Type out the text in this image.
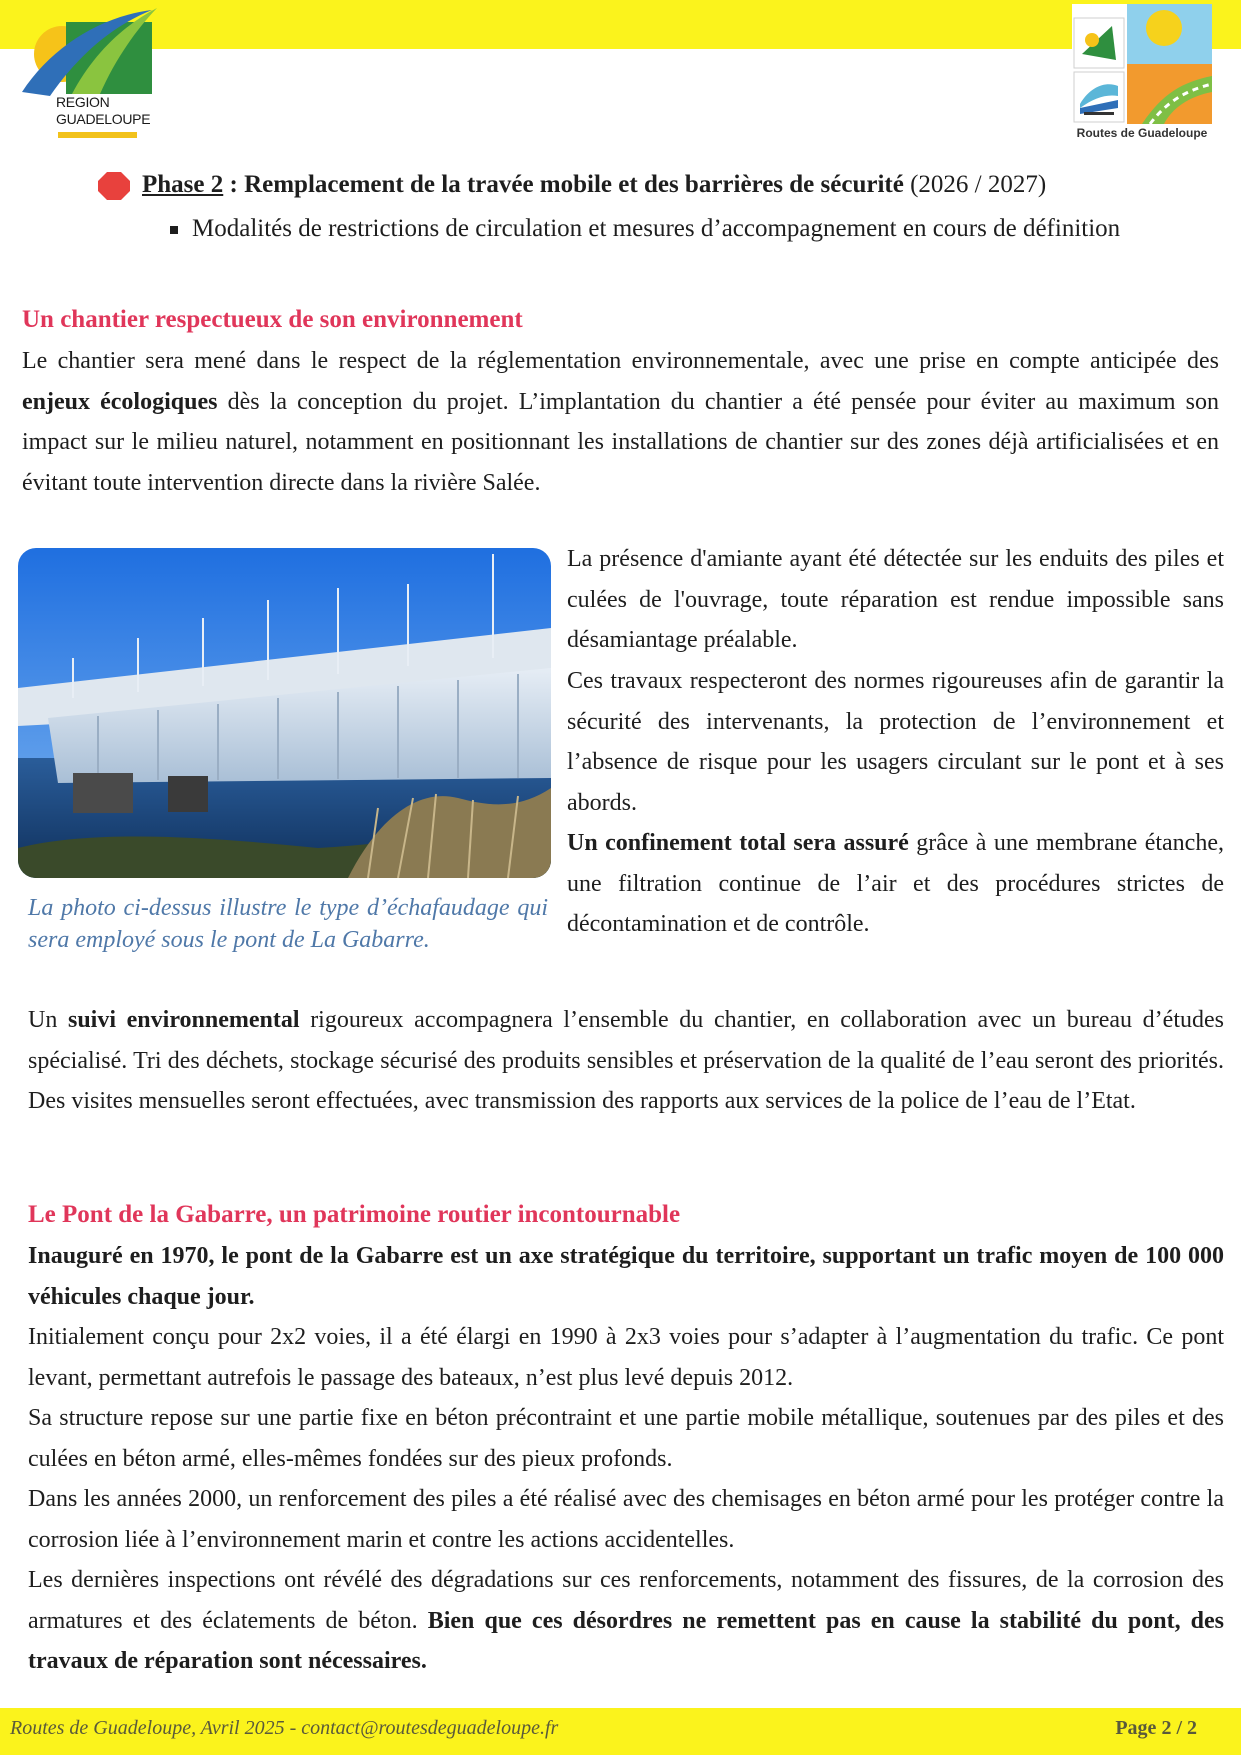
REGION
GUADELOUPE
Routes de Guadeloupe
Phase 2 : Remplacement de la travée mobile et des barrières de sécurité (2026 / 2027)
Modalités de restrictions de circulation et mesures d’accompagnement en cours de définition
Un chantier respectueux de son environnement
Le chantier sera mené dans le respect de la réglementation environnementale, avec une prise en compte anticipée des enjeux écologiques dès la conception du projet. L’implantation du chantier a été pensée pour éviter au maximum son impact sur le milieu naturel, notamment en positionnant les installations de chantier sur des zones déjà artificialisées et en évitant toute intervention directe dans la rivière Salée.
La photo ci-dessus illustre le type d’échafaudage qui sera employé sous le pont de La Gabarre.
La présence d'amiante ayant été détectée sur les enduits des piles et culées de l'ouvrage, toute réparation est rendue impossible sans désamiantage préalable.
Ces travaux respecteront des normes rigoureuses afin de garantir la sécurité des intervenants, la protection de l’environnement et l’absence de risque pour les usagers circulant sur le pont et à ses abords.
Un confinement total sera assuré grâce à une membrane étanche, une filtration continue de l’air et des procédures strictes de décontamination et de contrôle.
Un suivi environnemental rigoureux accompagnera l’ensemble du chantier, en collaboration avec un bureau d’études spécialisé. Tri des déchets, stockage sécurisé des produits sensibles et préservation de la qualité de l’eau seront des priorités. Des visites mensuelles seront effectuées, avec transmission des rapports aux services de la police de l’eau de l’Etat.
Le Pont de la Gabarre, un patrimoine routier incontournable
Inauguré en 1970, le pont de la Gabarre est un axe stratégique du territoire, supportant un trafic moyen de 100 000 véhicules chaque jour.
Initialement conçu pour 2x2 voies, il a été élargi en 1990 à 2x3 voies pour s’adapter à l’augmentation du trafic. Ce pont levant, permettant autrefois le passage des bateaux, n’est plus levé depuis 2012.
Sa structure repose sur une partie fixe en béton précontraint et une partie mobile métallique, soutenues par des piles et des culées en béton armé, elles-mêmes fondées sur des pieux profonds.
Dans les années 2000, un renforcement des piles a été réalisé avec des chemisages en béton armé pour les protéger contre la corrosion liée à l’environnement marin et contre les actions accidentelles.
Les dernières inspections ont révélé des dégradations sur ces renforcements, notamment des fissures, de la corrosion des armatures et des éclatements de béton. Bien que ces désordres ne remettent pas en cause la stabilité du pont, des travaux de réparation sont nécessaires.
Routes de Guadeloupe, Avril 2025 - contact@routesdeguadeloupe.fr	Page 2 / 2
